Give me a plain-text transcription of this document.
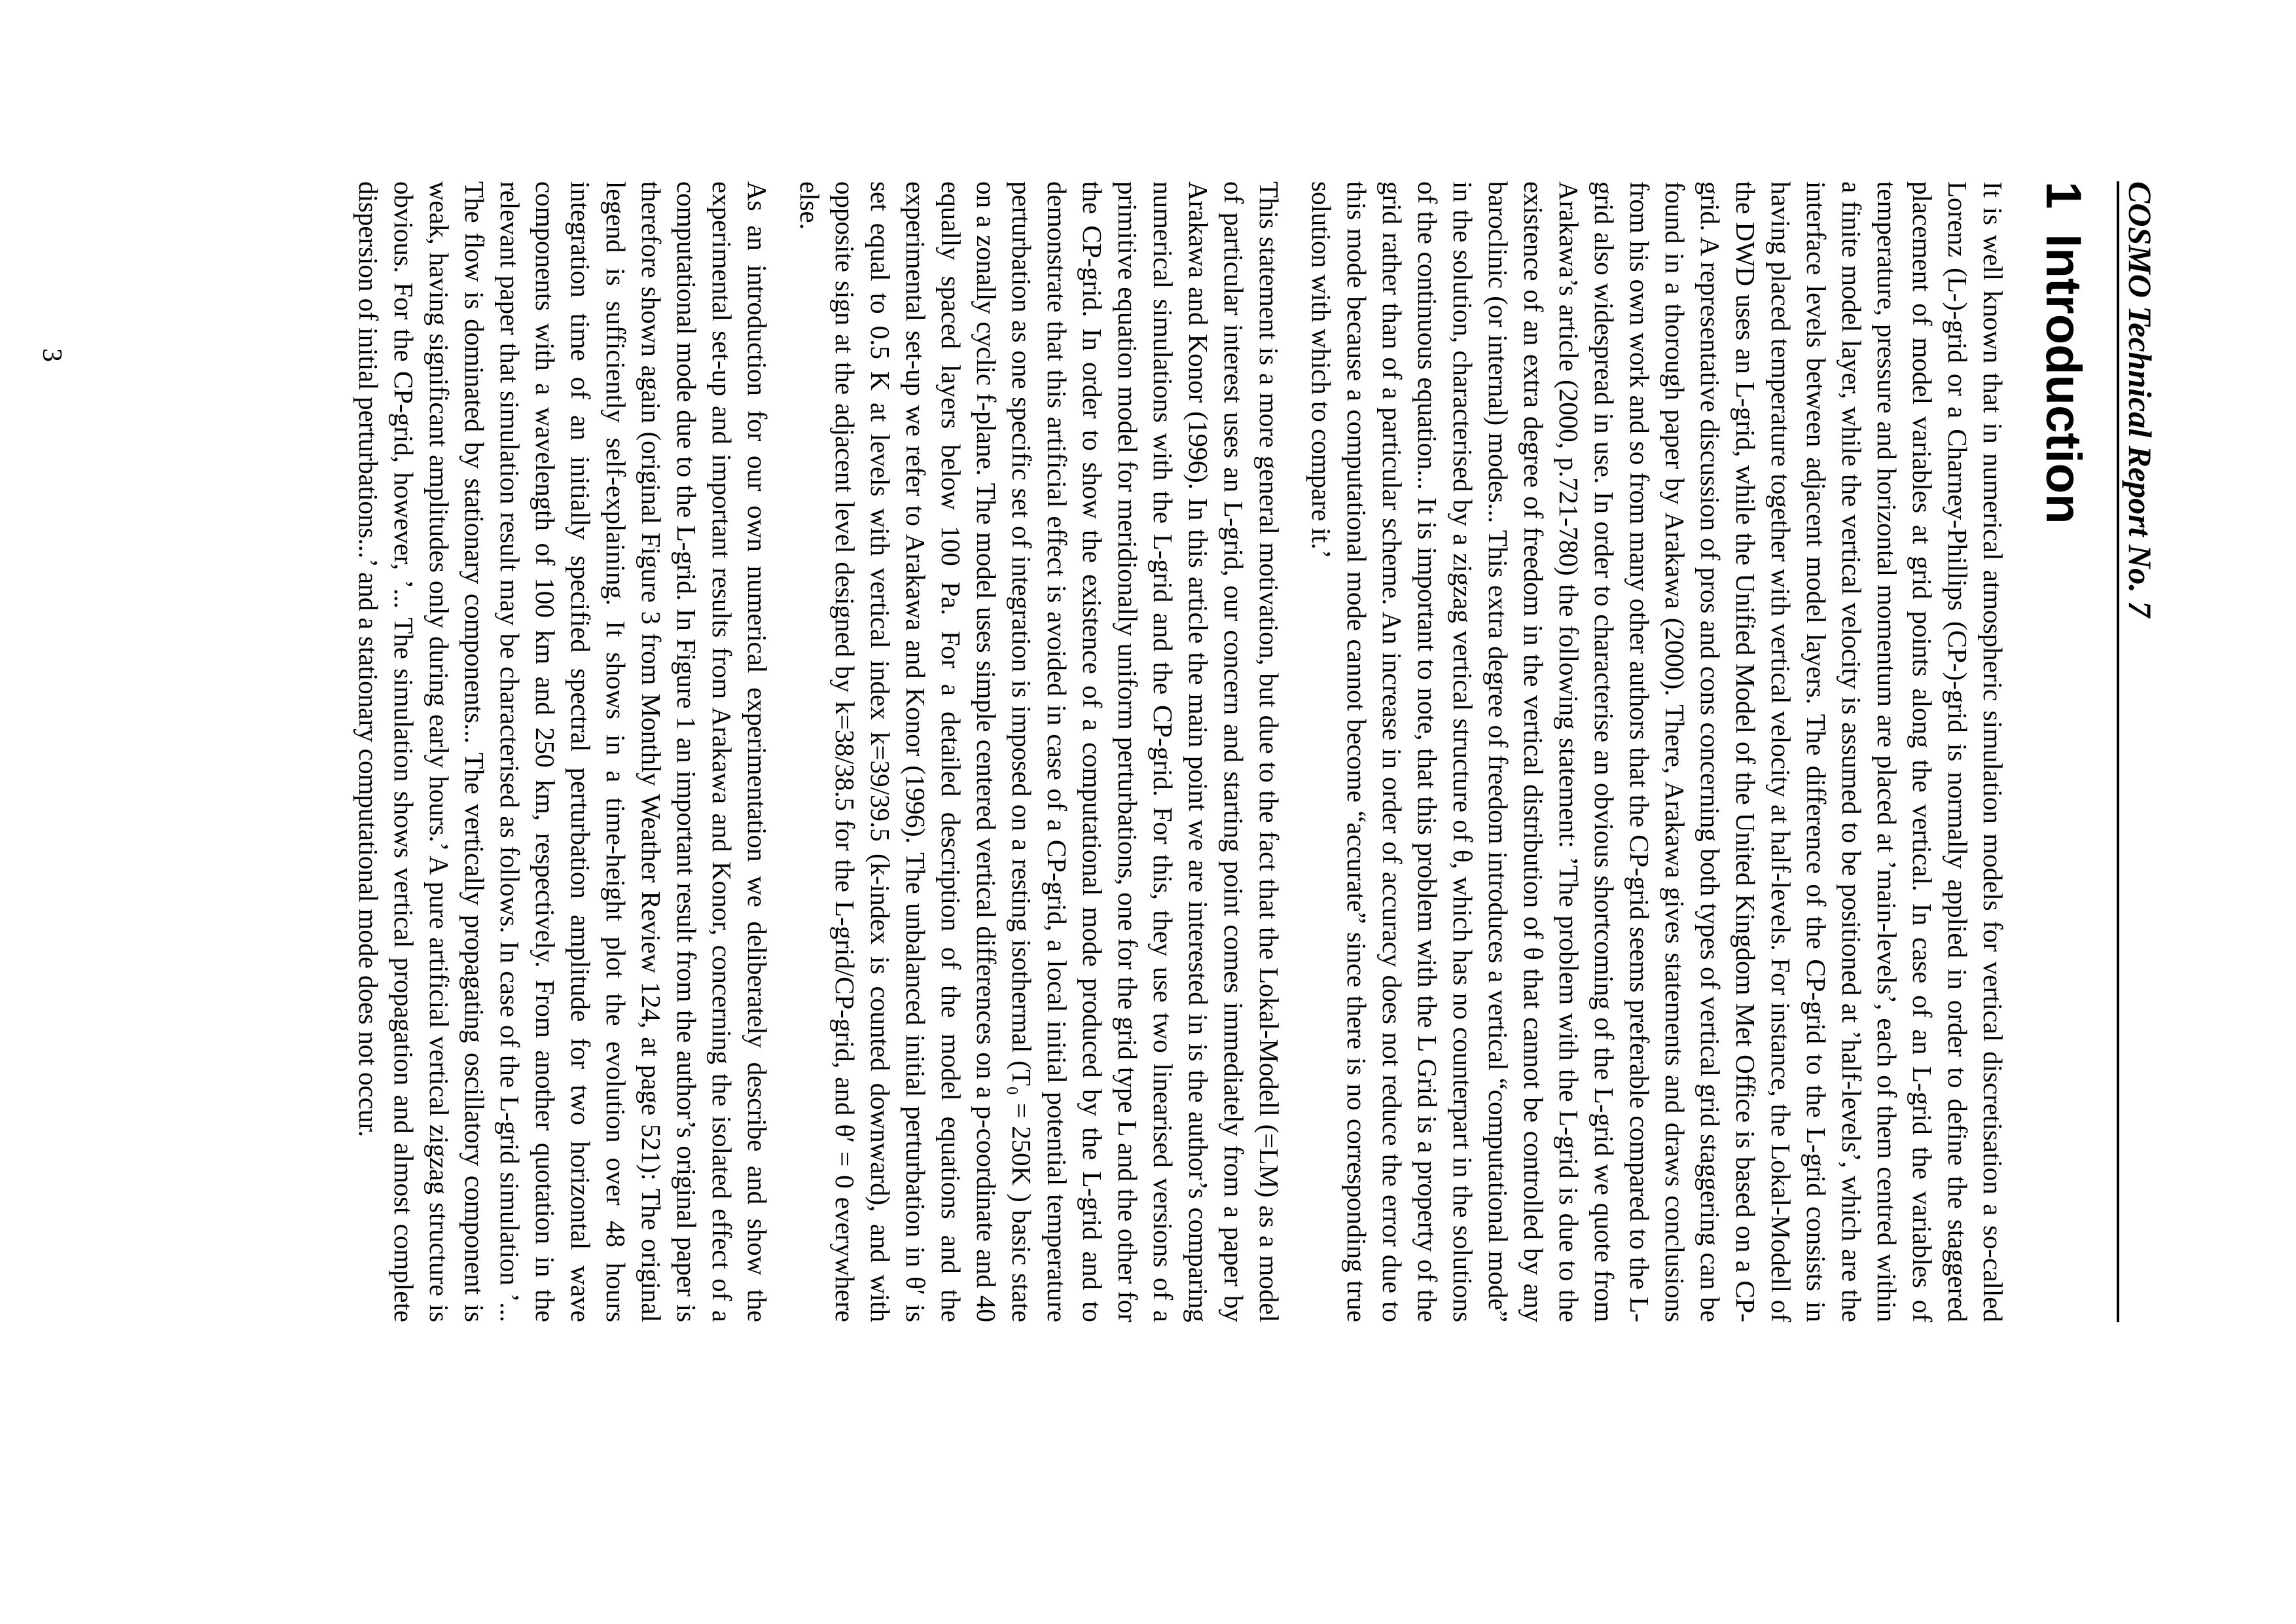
COSMO Technical Report No. 7
1Introduction

It is well known that in numerical atmospheric simulation models for vertical discretisation a so-called Lorenz (L-)-grid or a Charney-Phillips (CP-)-grid is normally applied in order to define the staggered placement of model variables at grid points along the vertical. In case of an L-grid the variables of temperature, pressure and horizontal momentum are placed at ’main-levels’, each of them centred within a finite model layer, while the vertical velocity is assumed to be positioned at ’half-levels’, which are the interface levels between adjacent model layers. The difference of the CP-grid to the L-grid consists in having placed temperature together with vertical velocity at half-levels. For instance, the Lokal-Modell of the DWD uses an L-grid, while the Unified Model of the United Kingdom Met Office is based on a CP-grid. A representative discussion of pros and cons concerning both types of vertical grid staggering can be found in a thorough paper by Arakawa (2000). There, Arakawa gives statements and draws conclusions from his own work and so from many other authors that the CP-grid seems preferable compared to the L-grid also widespread in use. In order to characterise an obvious shortcoming of the L-grid we quote from Arakawa’s article (2000, p.721-780) the following statement: ’The problem with the L-grid is due to the existence of an extra degree of freedom in the vertical distribution of θ that cannot be controlled by any baroclinic (or internal) modes... This extra degree of freedom introduces a vertical “computational mode” in the solution, characterised by a zigzag vertical structure of θ, which has no counterpart in the solutions of the continuous equation... It is important to note, that this problem with the L Grid is a property of the grid rather than of a particular scheme. An increase in order of accuracy does not reduce the error due to this mode because a computational mode cannot become “accurate” since there is no corresponding true solution with which to compare it.’

This statement is a more general motivation, but due to the fact that the Lokal-Modell (=LM) as a model of particular interest uses an L-grid, our concern and starting point comes immediately from a paper by Arakawa and Konor (1996). In this article the main point we are interested in is the author’s comparing numerical simulations with the L-grid and the CP-grid. For this, they use two linearised versions of a primitive equation model for meridionally uniform perturbations, one for the grid type L and the other for the CP-grid. In order to show the existence of a computational mode produced by the L-grid and to demonstrate that this artificial effect is avoided in case of a CP-grid, a local initial potential temperature perturbation as one specific set of integration is imposed on a resting isothermal (T₀ = 250K ) basic state on a zonally cyclic f-plane. The model uses simple centered vertical differences on a p-coordinate and 40 equally spaced layers below 100 Pa. For a detailed description of the model equations and the experimental set-up we refer to Arakawa and Konor (1996). The unbalanced initial perturbation in θ′ is set equal to 0.5 K at levels with vertical index k=39/39.5 (k-index is counted downward), and with opposite sign at the adjacent level designed by k=38/38.5 for the L-grid/CP-grid, and θ′ = 0 everywhere else.

As an introduction for our own numerical experimentation we deliberately describe and show the experimental set-up and important results from Arakawa and Konor, concerning the isolated effect of a computational mode due to the L-grid. In Figure 1 an important result from the author’s original paper is therefore shown again (original Figure 3 from Monthly Weather Review 124, at page 521): The original legend is sufficiently self-explaining. It shows in a time-height plot the evolution over 48 hours integration time of an initially specified spectral perturbation amplitude for two horizontal wave components with a wavelength of 100 km and 250 km, respectively. From another quotation in the relevant paper that simulation result may be characterised as follows. In case of the L-grid simulation ’... The flow is dominated by stationary components... The vertically propagating oscillatory component is weak, having significant amplitudes only during early hours.’ A pure artificial vertical zigzag structure is obvious. For the CP-grid, however, ’... The simulation shows vertical propagation and almost complete dispersion of initial perturbations...’ and a stationary computational mode does not occur.

3
